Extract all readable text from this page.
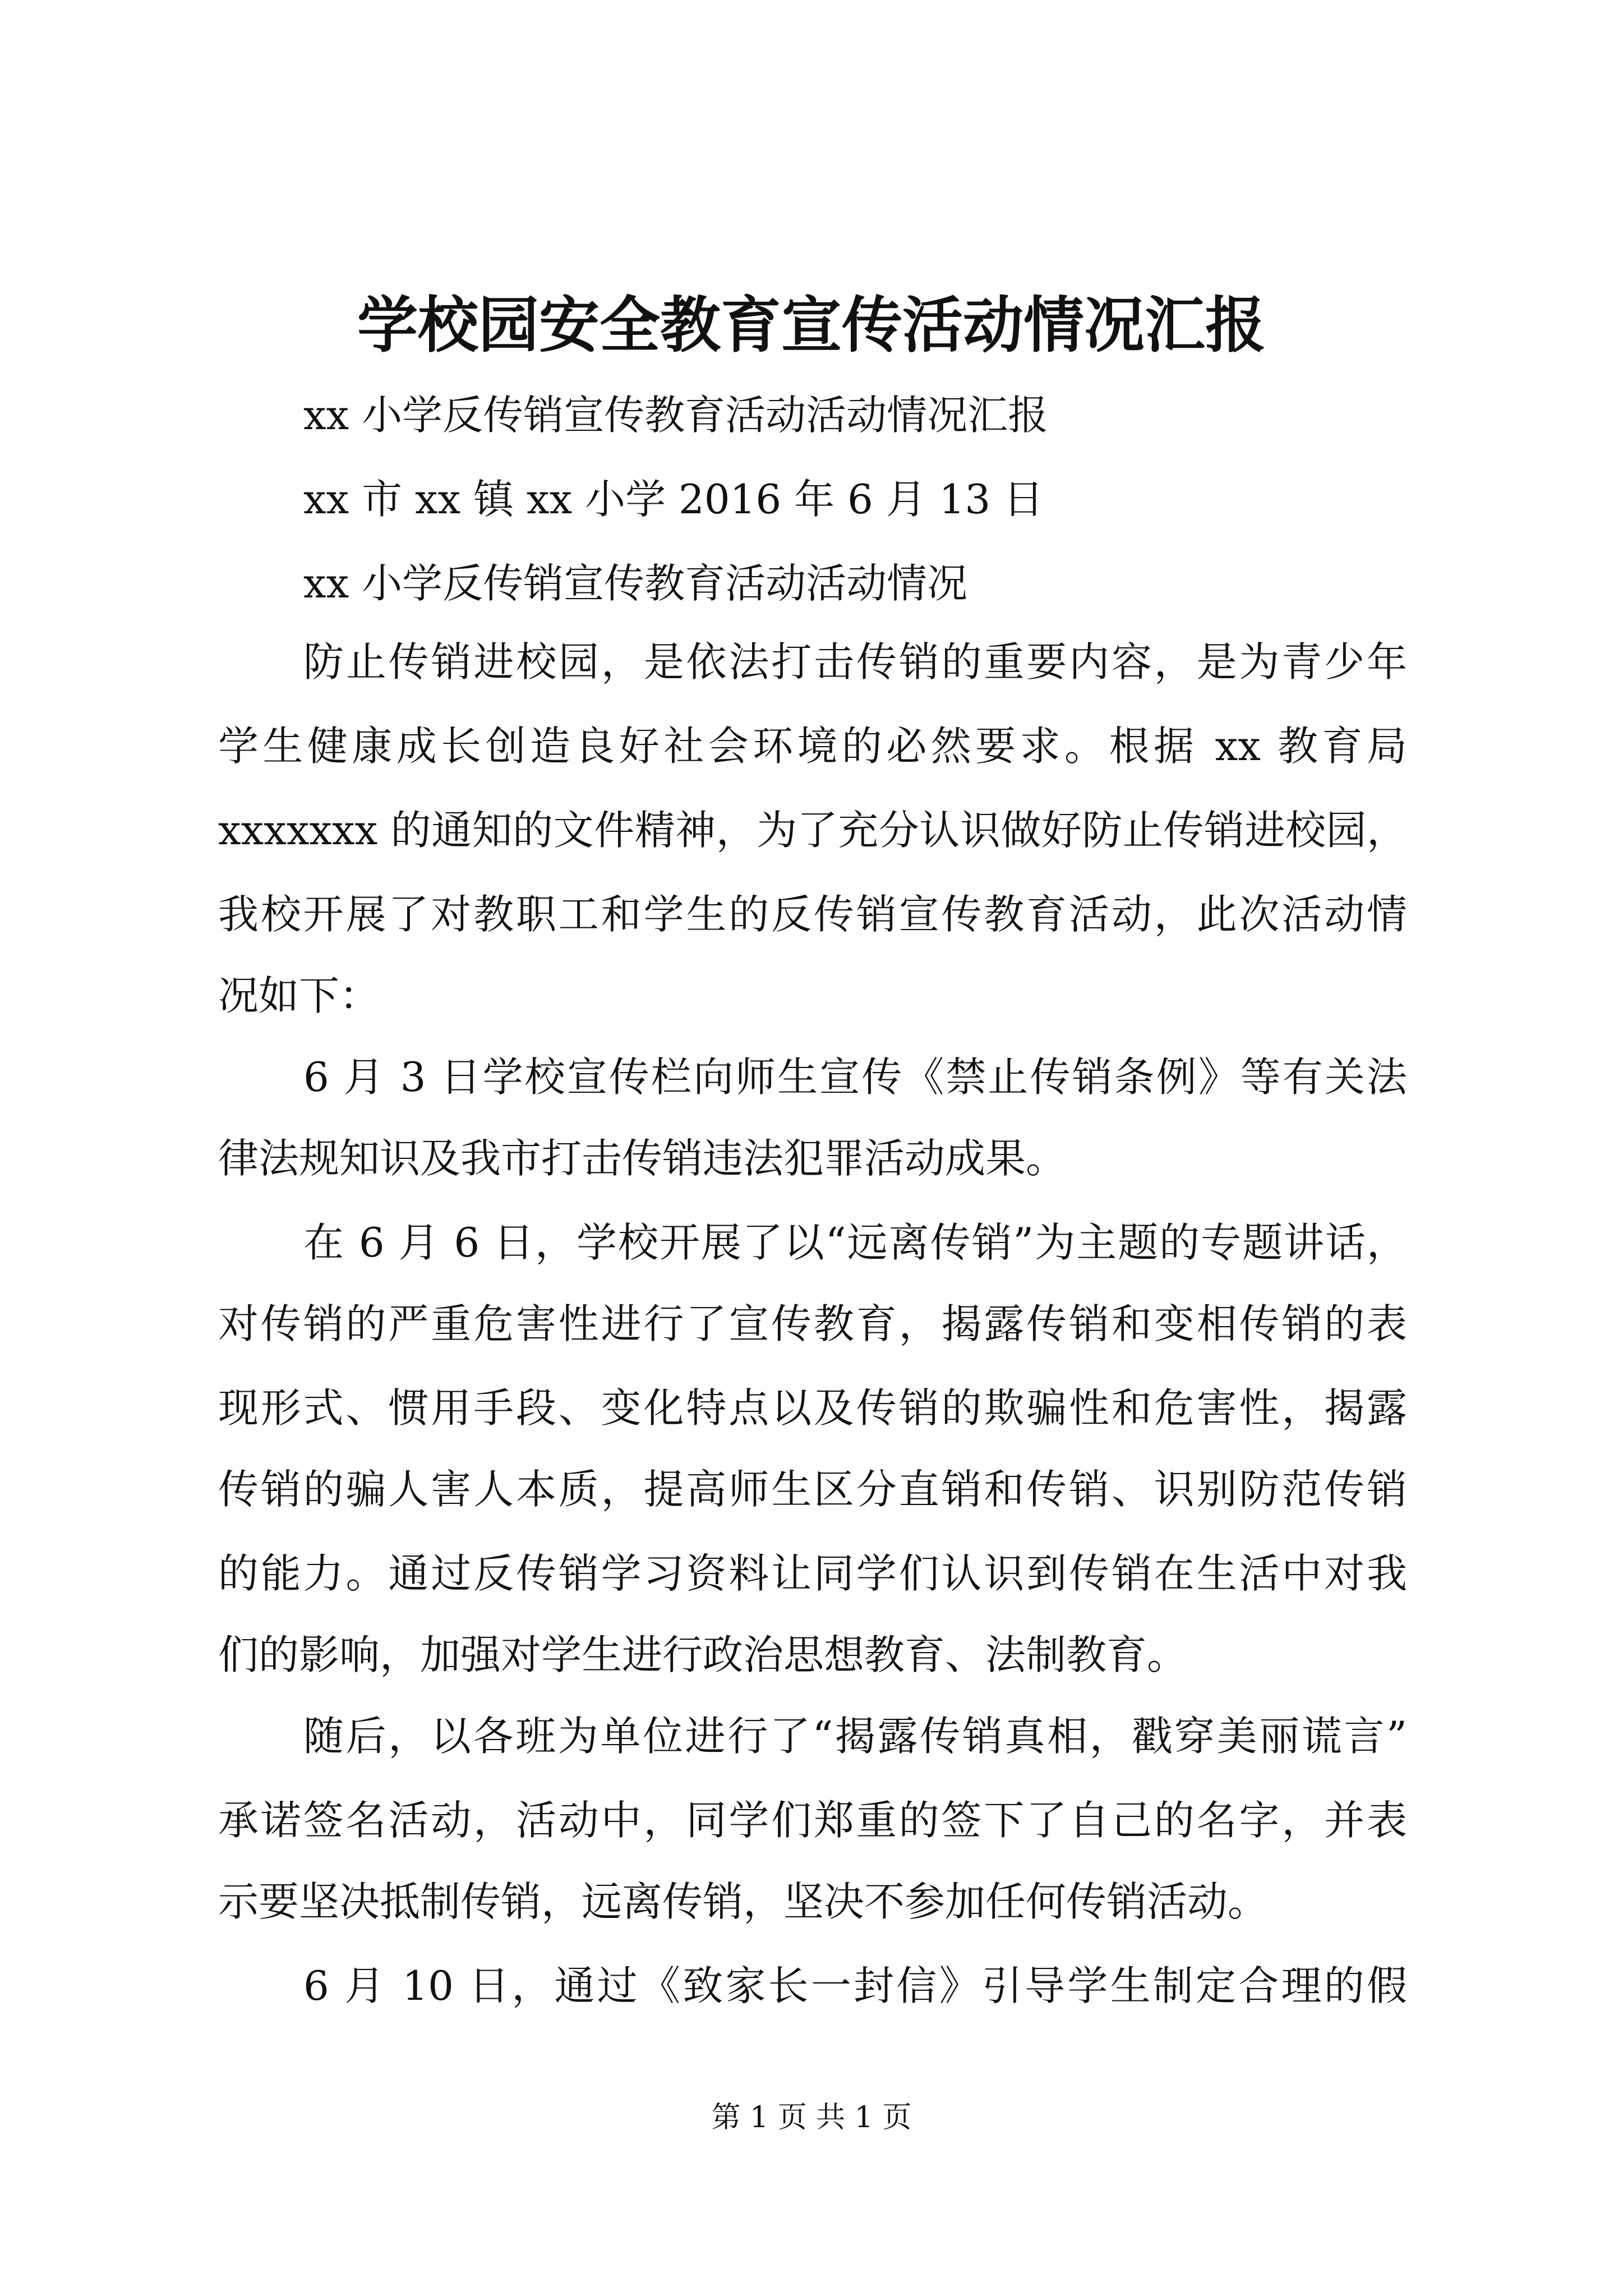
学校园安全教育宣传活动情况汇报
xx 小学反传销宣传教育活动活动情况汇报
xx 市 xx 镇 xx 小学 2016 年 6 月 13 日
xx 小学反传销宣传教育活动活动情况
防止传销进校园，是依法打击传销的重要内容，是为青少年
学生健康成长创造良好社会环境的必然要求。根据 xx 教育局
xxxxxxx 的通知的文件精神，为了充分认识做好防止传销进校园，
我校开展了对教职工和学生的反传销宣传教育活动，此次活动情
况如下：
6 月 3 日学校宣传栏向师生宣传《禁止传销条例》等有关法
律法规知识及我市打击传销违法犯罪活动成果。
在 6 月 6 日，学校开展了以“远离传销”为主题的专题讲话，
对传销的严重危害性进行了宣传教育，揭露传销和变相传销的表
现形式、惯用手段、变化特点以及传销的欺骗性和危害性，揭露
传销的骗人害人本质，提高师生区分直销和传销、识别防范传销
的能力。通过反传销学习资料让同学们认识到传销在生活中对我
们的影响，加强对学生进行政治思想教育、法制教育。
随后，以各班为单位进行了“揭露传销真相，戳穿美丽谎言”
承诺签名活动，活动中，同学们郑重的签下了自己的名字，并表
示要坚决抵制传销，远离传销，坚决不参加任何传销活动。
6 月 10 日，通过《致家长一封信》引导学生制定合理的假
第 1 页 共 1 页
